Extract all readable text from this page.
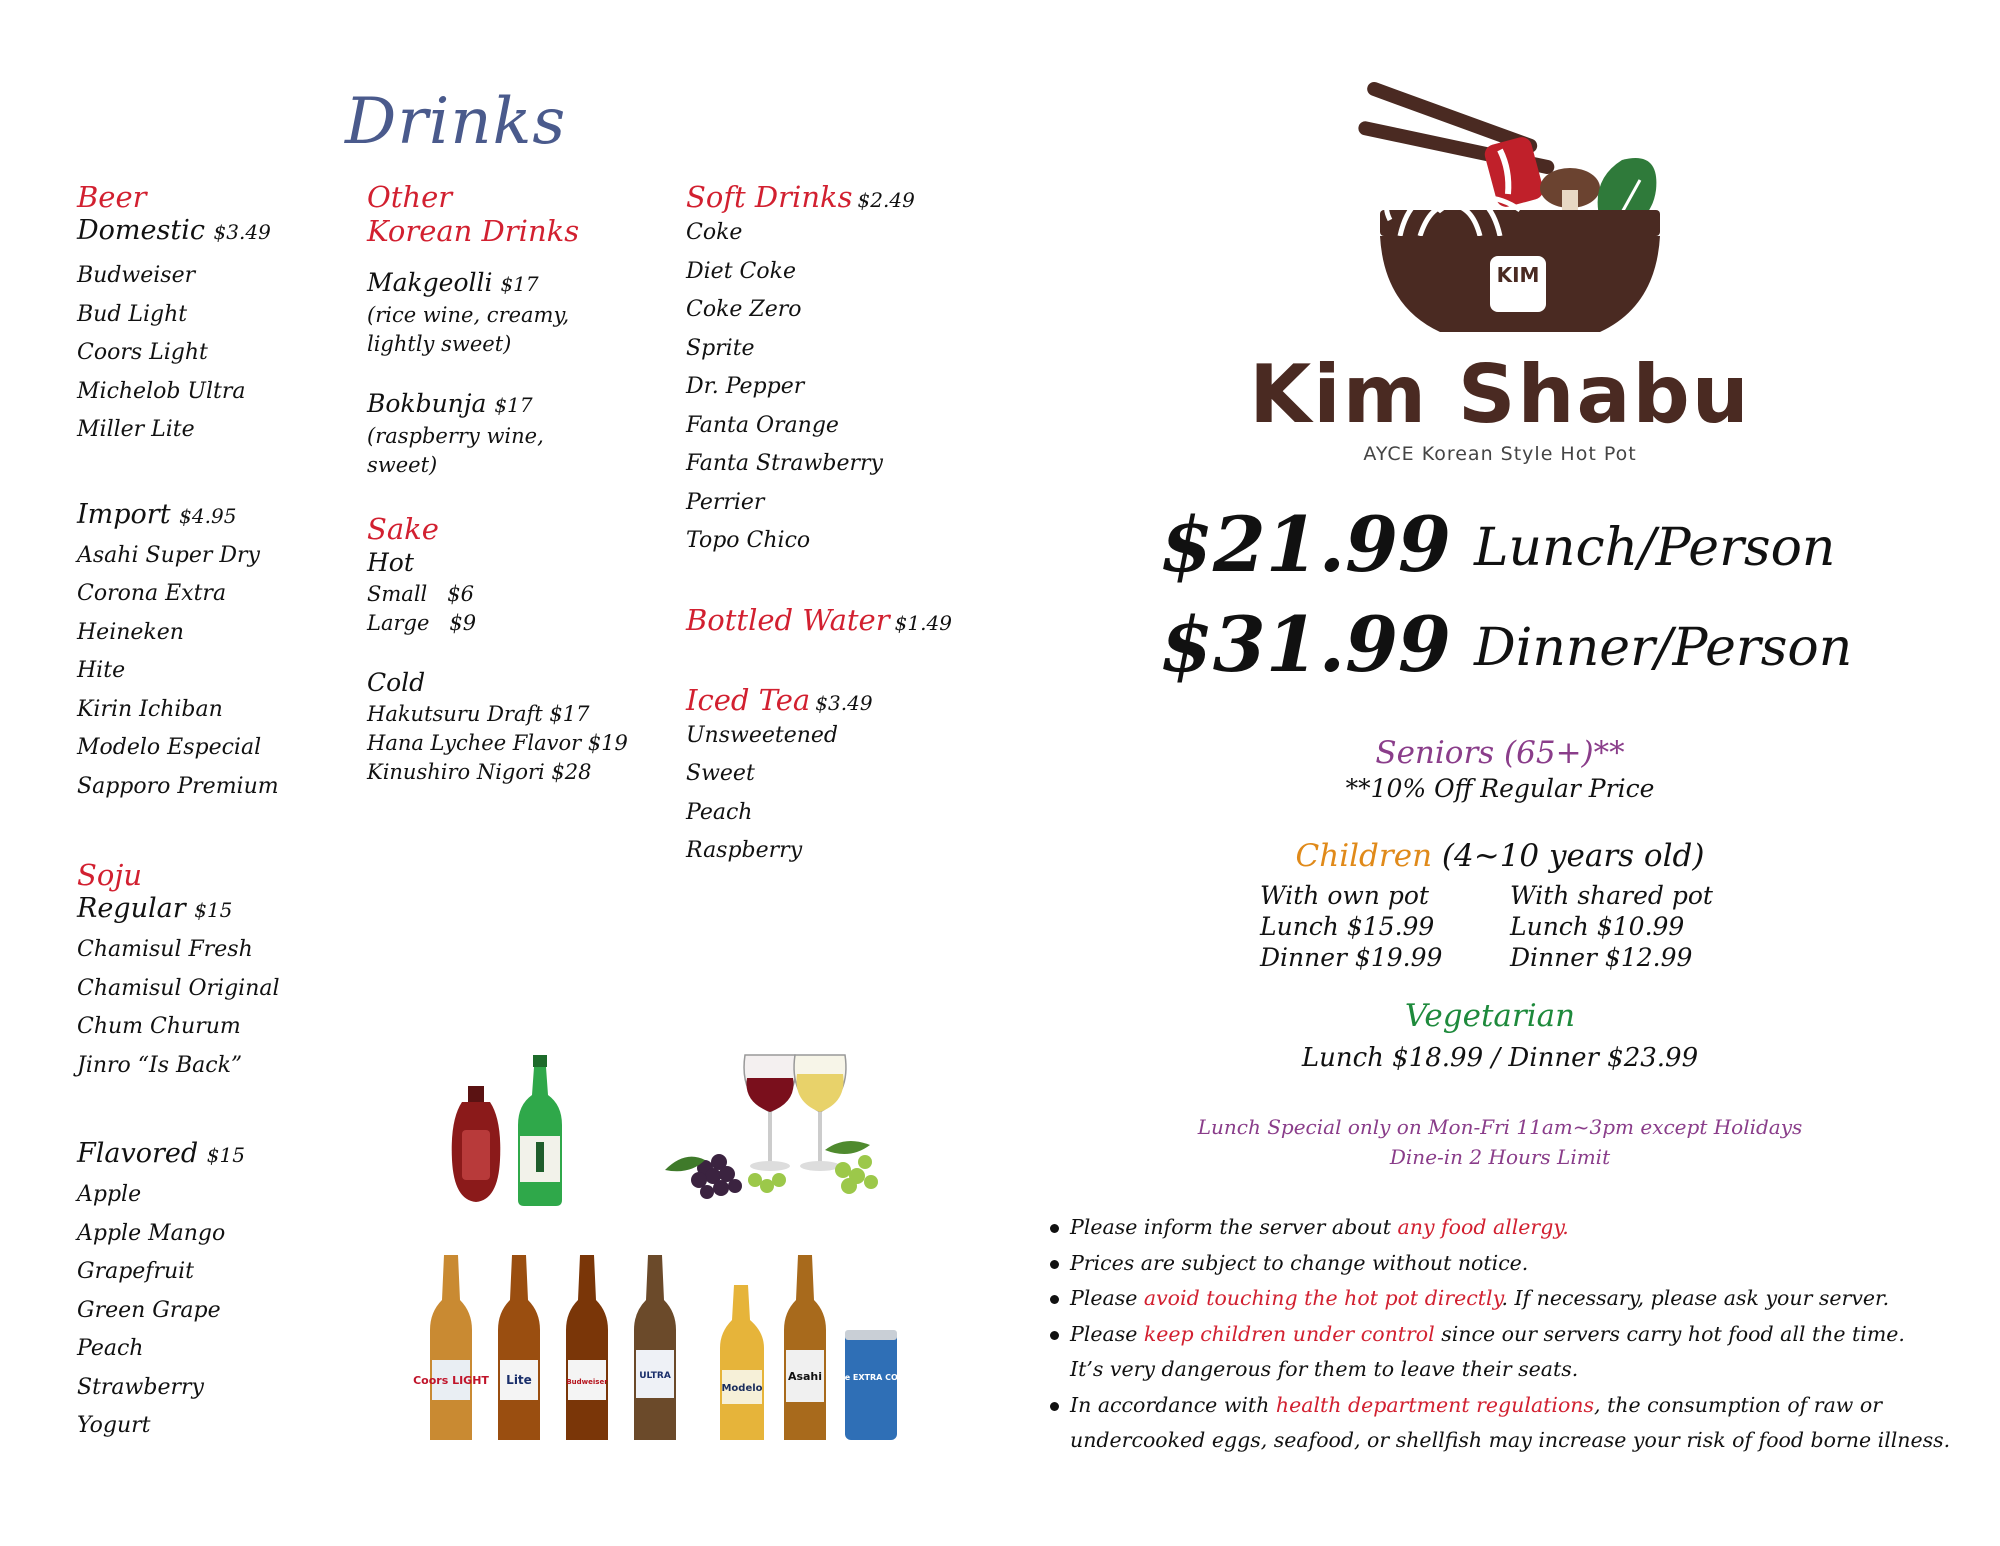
Drinks
Beer
Domestic $3.49
Budweiser
Bud Light
Coors Light
Michelob Ultra
Miller Lite
Import $4.95
Asahi Super Dry
Corona Extra
Heineken
Hite
Kirin Ichiban
Modelo Especial
Sapporo Premium
Soju
Regular $15
Chamisul Fresh
Chamisul Original
Chum Churum
Jinro “Is Back”
Flavored $15
Apple
Apple Mango
Grapefruit
Green Grape
Peach
Strawberry
Yogurt
Other
Korean Drinks
Makgeolli $17
(rice wine, creamy,
lightly sweet)
Bokbunja $17
(raspberry wine,
sweet)
Sake
Hot
Small   $6
Large   $9
Cold
Hakutsuru Draft $17
Hana Lychee Flavor $19
Kinushiro Nigori $28
Soft Drinks $2.49
Coke
Diet Coke
Coke Zero
Sprite
Dr. Pepper
Fanta Orange
Fanta Strawberry
Perrier
Topo Chico
Bottled Water $1.49
Iced Tea $3.49
Unsweetened
Sweet
Peach
Raspberry
Coors LIGHT Lite	Budweiser
ULTRA
Modelo
Asahi hite EXTRA COLD
KIM
Kim Shabu
AYCE Korean Style Hot Pot
$21.99 Lunch/Person
$31.99 Dinner/Person
Seniors (65+)**
**10% Off Regular Price
Children (4~10 years old)
With own pot
Lunch $15.99
Dinner $19.99
With shared pot
Lunch $10.99
Dinner $12.99
Vegetarian
Lunch $18.99 / Dinner $23.99
Lunch Special only on Mon-Fri 11am~3pm except Holidays
Dine-in 2 Hours Limit
Please inform the server about any food allergy.
Prices are subject to change without notice.
Please avoid touching the hot pot directly. If necessary, please ask your server.
Please keep children under control since our servers carry hot food all the time.
It’s very dangerous for them to leave their seats.
In accordance with health department regulations, the consumption of raw or
undercooked eggs, seafood, or shellfish may increase your risk of food borne illness.
